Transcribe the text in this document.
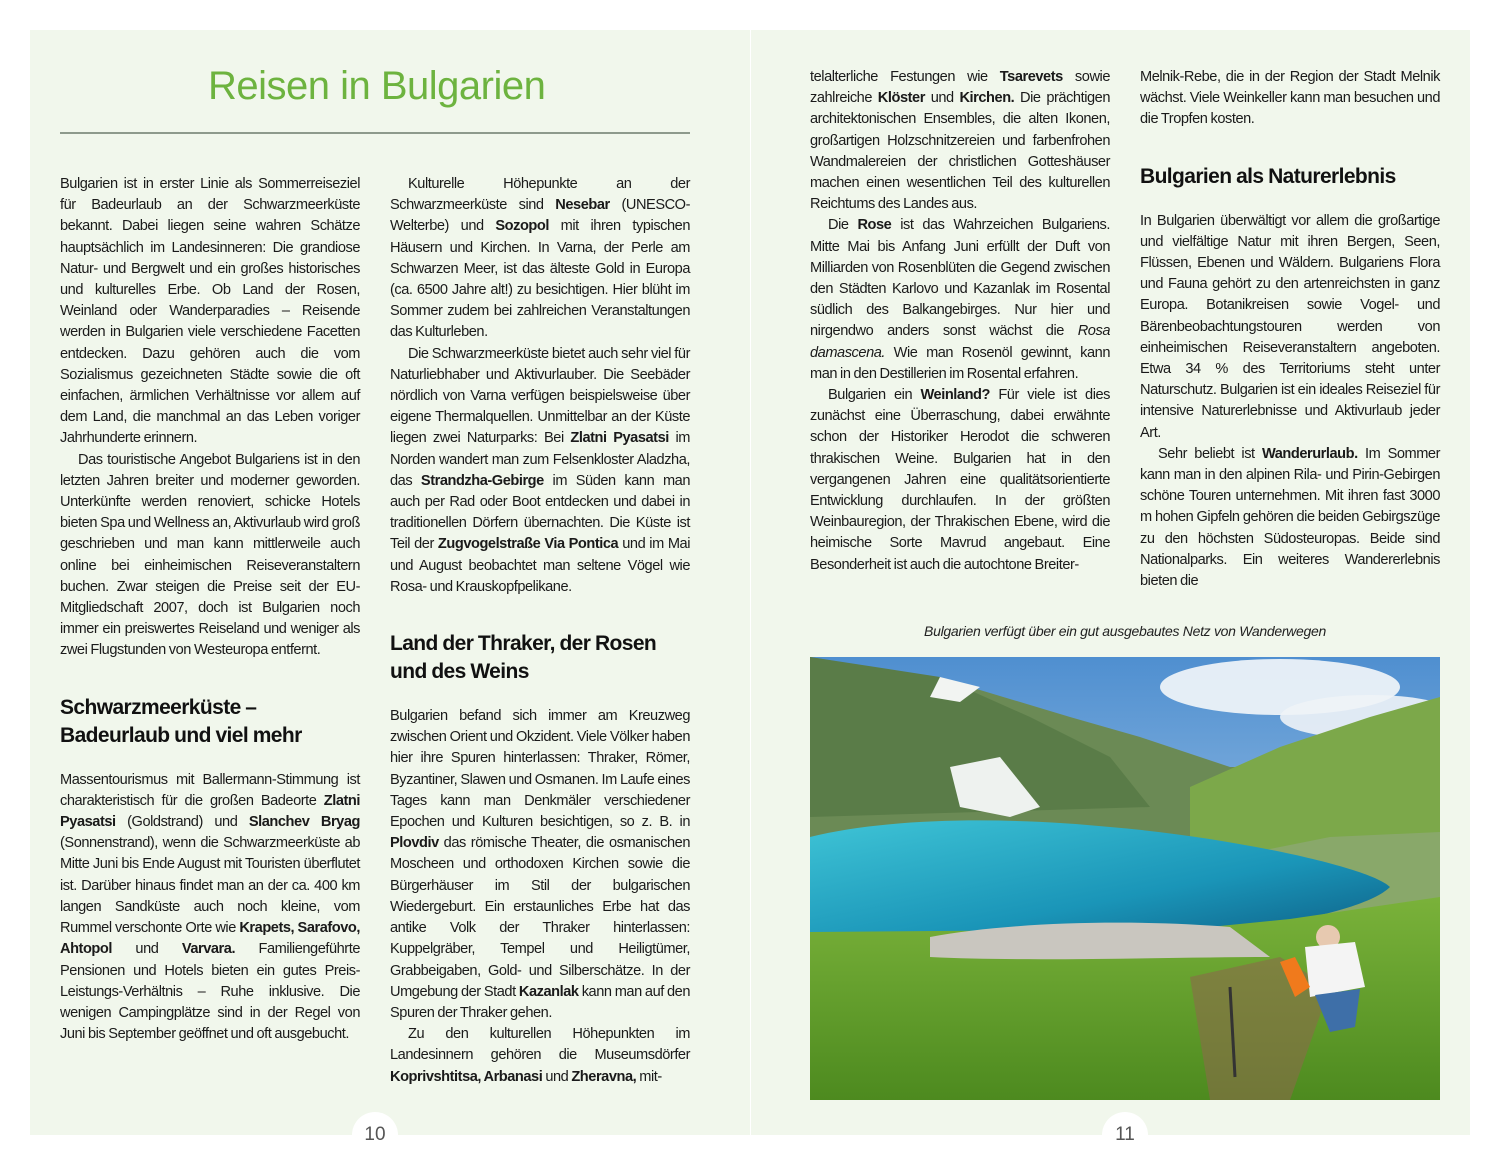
Reisen in Bulgarien

Bulgarien ist in erster Linie als Sommerreiseziel für Badeurlaub an der Schwarzmeerküste bekannt. Dabei liegen seine wahren Schätze hauptsächlich im Landesinneren: Die grandiose Natur- und Bergwelt und ein großes historisches und kulturelles Erbe. Ob Land der Rosen, Weinland oder Wanderparadies – Reisende werden in Bulgarien viele verschiedene Facetten entdecken. Dazu gehören auch die vom Sozialismus gezeichneten Städte sowie die oft einfachen, ärmlichen Verhältnisse vor allem auf dem Land, die manchmal an das Leben voriger Jahrhunderte erinnern.

Das touristische Angebot Bulgariens ist in den letzten Jahren breiter und moderner geworden. Unterkünfte werden renoviert, schicke Hotels bieten Spa und Wellness an, Aktivurlaub wird groß geschrieben und man kann mittlerweile auch online bei einheimischen Reiseveranstaltern buchen. Zwar steigen die Preise seit der EU-Mitgliedschaft 2007, doch ist Bulgarien noch immer ein preiswertes Reiseland und weniger als zwei Flugstunden von Westeuropa entfernt.

Schwarzmeerküste – Badeurlaub und viel mehr

Massentourismus mit Ballermann-Stimmung ist charakteristisch für die großen Badeorte Zlatni Pyasatsi (Goldstrand) und Slanchev Bryag (Sonnenstrand), wenn die Schwarzmeerküste ab Mitte Juni bis Ende August mit Touristen überflutet ist. Darüber hinaus findet man an der ca. 400 km langen Sandküste auch noch kleine, vom Rummel verschonte Orte wie Krapets, Sarafovo, Ahtopol und Varvara. Familiengeführte Pensionen und Hotels bieten ein gutes Preis-Leistungs-Verhältnis – Ruhe inklusive. Die wenigen Campingplätze sind in der Regel von Juni bis September geöffnet und oft ausgebucht.

Kulturelle Höhepunkte an der Schwarzmeerküste sind Nesebar (UNESCO-Welterbe) und Sozopol mit ihren typischen Häusern und Kirchen. In Varna, der Perle am Schwarzen Meer, ist das älteste Gold in Europa (ca. 6500 Jahre alt!) zu besichtigen. Hier blüht im Sommer zudem bei zahlreichen Veranstaltungen das Kulturleben.

Die Schwarzmeerküste bietet auch sehr viel für Naturliebhaber und Aktivurlauber. Die Seebäder nördlich von Varna verfügen beispielsweise über eigene Thermalquellen. Unmittelbar an der Küste liegen zwei Naturparks: Bei Zlatni Pyasatsi im Norden wandert man zum Felsenkloster Aladzha, das Strandzha-Gebirge im Süden kann man auch per Rad oder Boot entdecken und dabei in traditionellen Dörfern übernachten. Die Küste ist Teil der Zugvogelstraße Via Pontica und im Mai und August beobachtet man seltene Vögel wie Rosa- und Krauskopfpelikane.

Land der Thraker, der Rosen und des Weins

Bulgarien befand sich immer am Kreuzweg zwischen Orient und Okzident. Viele Völker haben hier ihre Spuren hinterlassen: Thraker, Römer, Byzantiner, Slawen und Osmanen. Im Laufe eines Tages kann man Denkmäler verschiedener Epochen und Kulturen besichtigen, so z. B. in Plovdiv das römische Theater, die osmanischen Moscheen und orthodoxen Kirchen sowie die Bürgerhäuser im Stil der bulgarischen Wiedergeburt. Ein erstaunliches Erbe hat das antike Volk der Thraker hinterlassen: Kuppelgräber, Tempel und Heiligtümer, Grabbeigaben, Gold- und Silberschätze. In der Umgebung der Stadt Kazanlak kann man auf den Spuren der Thraker gehen.

Zu den kulturellen Höhepunkten im Landesinnern gehören die Museumsdörfer Koprivshtitsa, Arbanasi und Zheravna, mit-

telalterliche Festungen wie Tsarevets sowie zahlreiche Klöster und Kirchen. Die prächtigen architektonischen Ensembles, die alten Ikonen, großartigen Holzschnitzereien und farbenfrohen Wandmalereien der christlichen Gotteshäuser machen einen wesentlichen Teil des kulturellen Reichtums des Landes aus.

Die Rose ist das Wahrzeichen Bulgariens. Mitte Mai bis Anfang Juni erfüllt der Duft von Milliarden von Rosenblüten die Gegend zwischen den Städten Karlovo und Kazanlak im Rosental südlich des Balkangebirges. Nur hier und nirgendwo anders sonst wächst die Rosa damascena. Wie man Rosenöl gewinnt, kann man in den Destillerien im Rosental erfahren.

Bulgarien ein Weinland? Für viele ist dies zunächst eine Überraschung, dabei erwähnte schon der Historiker Herodot die schweren thrakischen Weine. Bulgarien hat in den vergangenen Jahren eine qualitätsorientierte Entwicklung durchlaufen. In der größten Weinbauregion, der Thrakischen Ebene, wird die heimische Sorte Mavrud angebaut. Eine Besonderheit ist auch die autochtone Breiter-

Melnik-Rebe, die in der Region der Stadt Melnik wächst. Viele Weinkeller kann man besuchen und die Tropfen kosten.

Bulgarien als Naturerlebnis

In Bulgarien überwältigt vor allem die großartige und vielfältige Natur mit ihren Bergen, Seen, Flüssen, Ebenen und Wäldern. Bulgariens Flora und Fauna gehört zu den artenreichsten in ganz Europa. Botanikreisen sowie Vogel- und Bärenbeobachtungstouren werden von einheimischen Reiseveranstaltern angeboten. Etwa 34 % des Territoriums steht unter Naturschutz. Bulgarien ist ein ideales Reiseziel für intensive Naturerlebnisse und Aktivurlaub jeder Art.

Sehr beliebt ist Wanderurlaub. Im Sommer kann man in den alpinen Rila- und Pirin-Gebirgen schöne Touren unternehmen. Mit ihren fast 3000 m hohen Gipfeln gehören die beiden Gebirgszüge zu den höchsten Südosteuropas. Beide sind Nationalparks. Ein weiteres Wandererlebnis bieten die

Bulgarien verfügt über ein gut ausgebautes Netz von Wanderwegen
10	11
